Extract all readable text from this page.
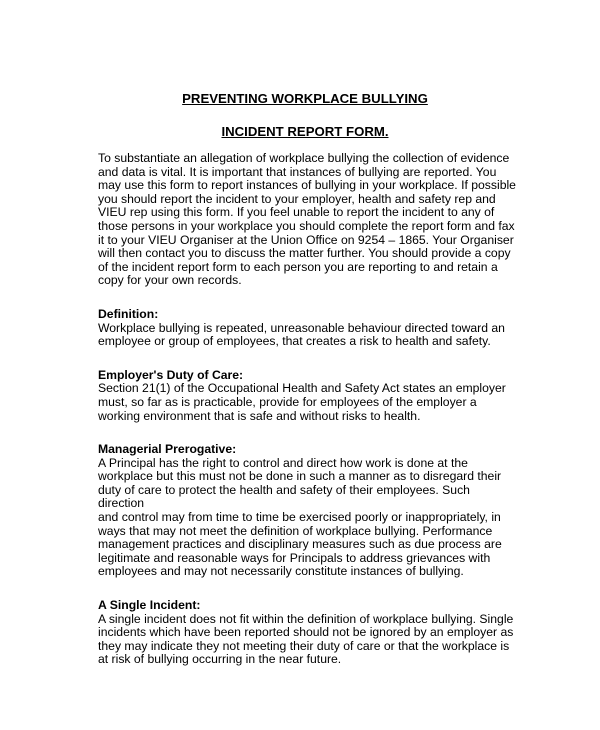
PREVENTING WORKPLACE BULLYING

INCIDENT REPORT FORM.

To substantiate an allegation of workplace bullying the collection of evidence
and data is vital. It is important that instances of bullying are reported. You
may use this form to report instances of bullying in your workplace. If possible
you should report the incident to your employer, health and safety rep and
VIEU rep using this form. If you feel unable to report the incident to any of
those persons in your workplace you should complete the report form and fax
it to your VIEU Organiser at the Union Office on 9254 – 1865. Your Organiser
will then contact you to discuss the matter further. You should provide a copy
of the incident report form to each person you are reporting to and retain a
copy for your own records.

Definition:

Workplace bullying is repeated, unreasonable behaviour directed toward an
employee or group of employees, that creates a risk to health and safety.

Employer's Duty of Care:

Section 21(1) of the Occupational Health and Safety Act states an employer
must, so far as is practicable, provide for employees of the employer a
working environment that is safe and without risks to health.

Managerial Prerogative:

A Principal has the right to control and direct how work is done at the
workplace but this must not be done in such a manner as to disregard their
duty of care to protect the health and safety of their employees. Such direction
and control may from time to time be exercised poorly or inappropriately, in
ways that may not meet the definition of workplace bullying. Performance
management practices and disciplinary measures such as due process are
legitimate and reasonable ways for Principals to address grievances with
employees and may not necessarily constitute instances of bullying.

A Single Incident:

A single incident does not fit within the definition of workplace bullying. Single
incidents which have been reported should not be ignored by an employer as
they may indicate they not meeting their duty of care or that the workplace is
at risk of bullying occurring in the near future.
